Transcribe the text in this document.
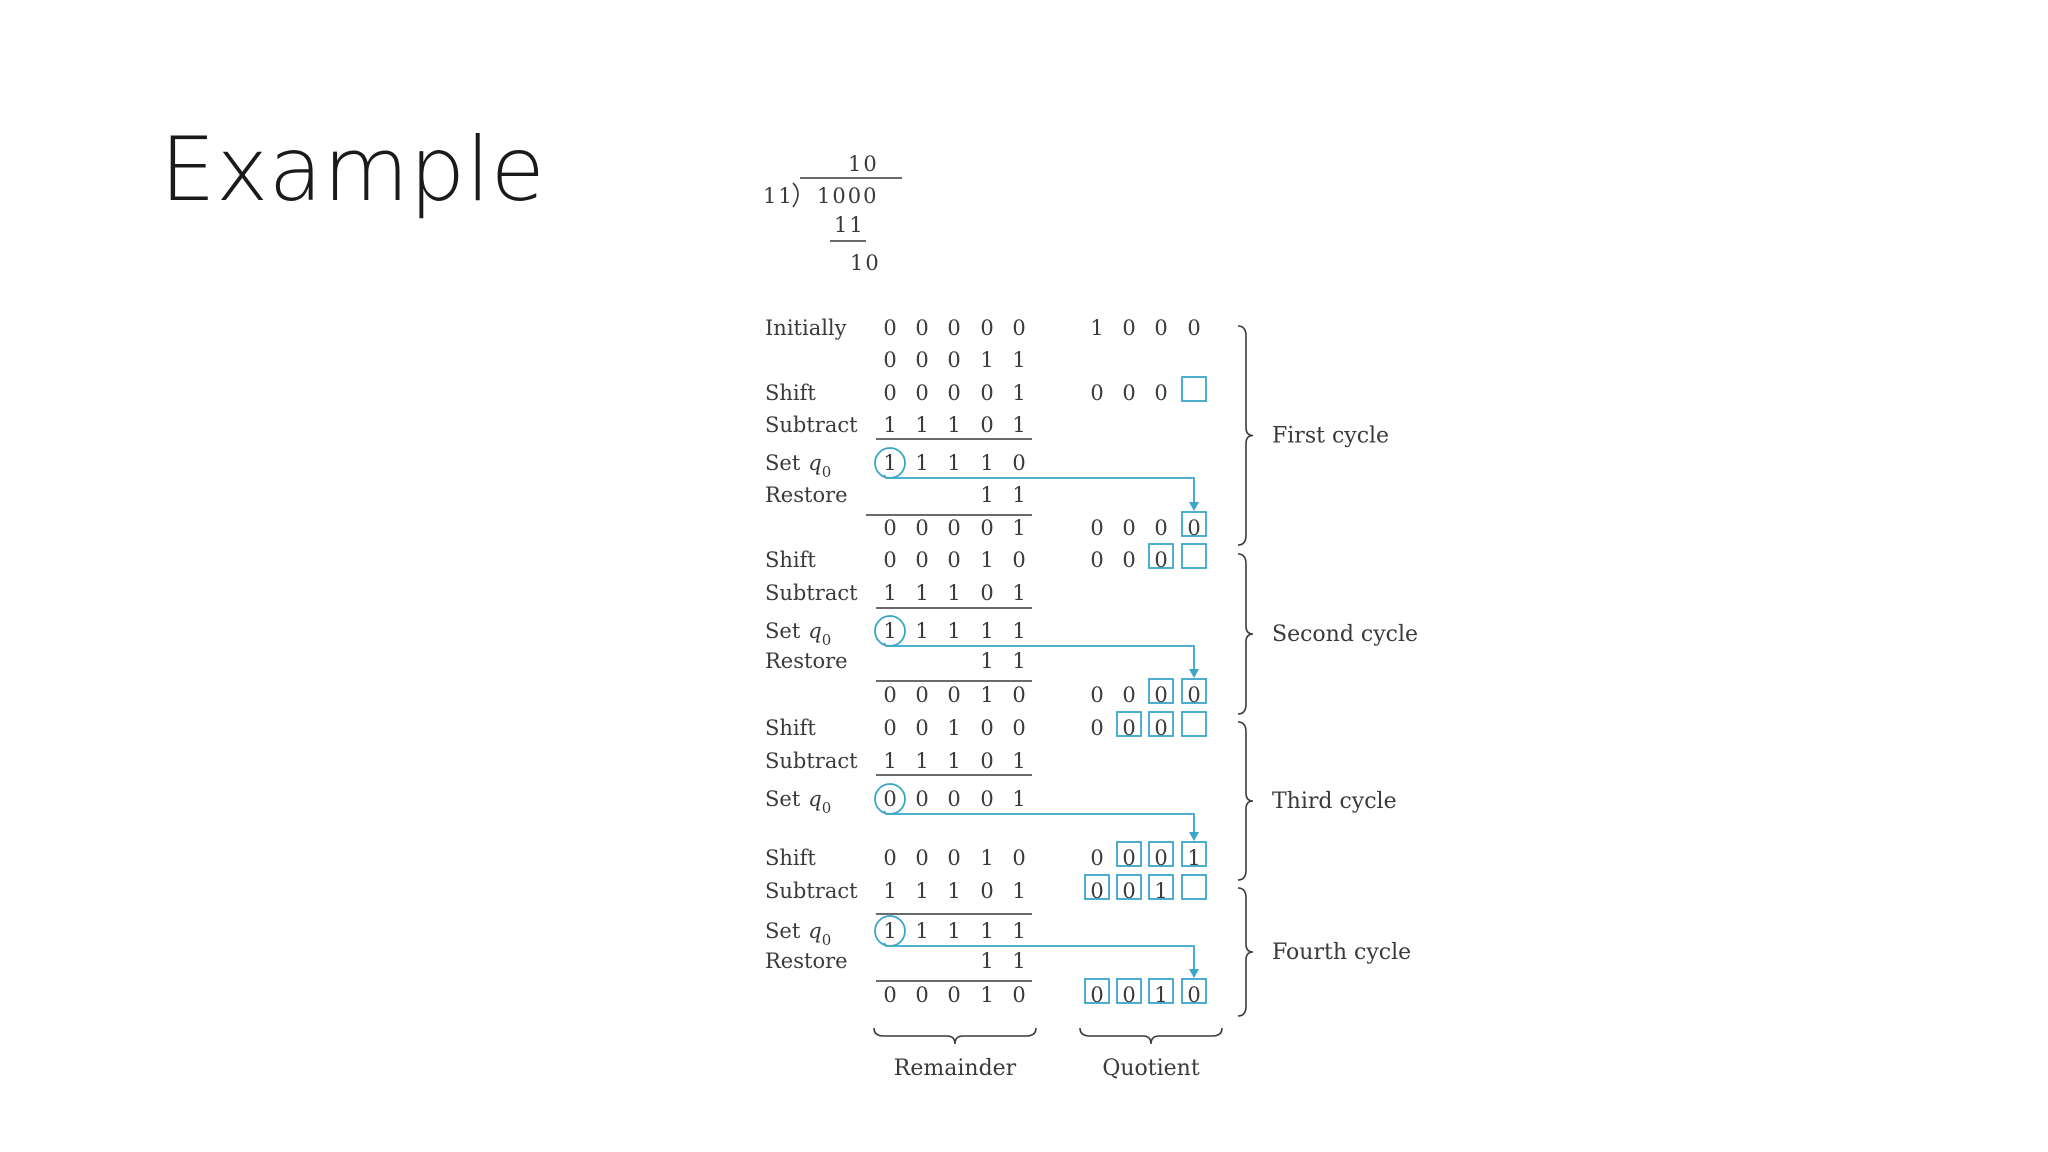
Example	10
11 1000
11
10
Initially 0 0 0 0 0	1 0 0 0
0 0 0 1 1
Shift	0 0 0 0 1	0 0 0
Subtract 1 1 1 0 1
Set $q_0$ 1 1 1 1 0
Restore	1 1
0 0 0 0 1	0 0 0 0
Shift	0 0 0 1 0	0 0 0
Subtract 1 1 1 0 1
Set $q_0$ 1 1 1 1 1
Restore	1 1
0 0 0 1 0	0 0 0 0
Shift	0 0 1 0 0	0 0 0
Subtract 1 1 1 0 1
Set $q_0$ 0 0 0 0 1
Shift	0 0 0 1 0	0 0 0 1
Subtract 1 1 1 0 1	0 0 1
Set $q_0$ 1 1 1 1 1
Restore	1 1
0 0 0 1 0	0 0 1 0
First cycle
Second cycle
Third cycle
Fourth cycle
Remainder	Quotient
